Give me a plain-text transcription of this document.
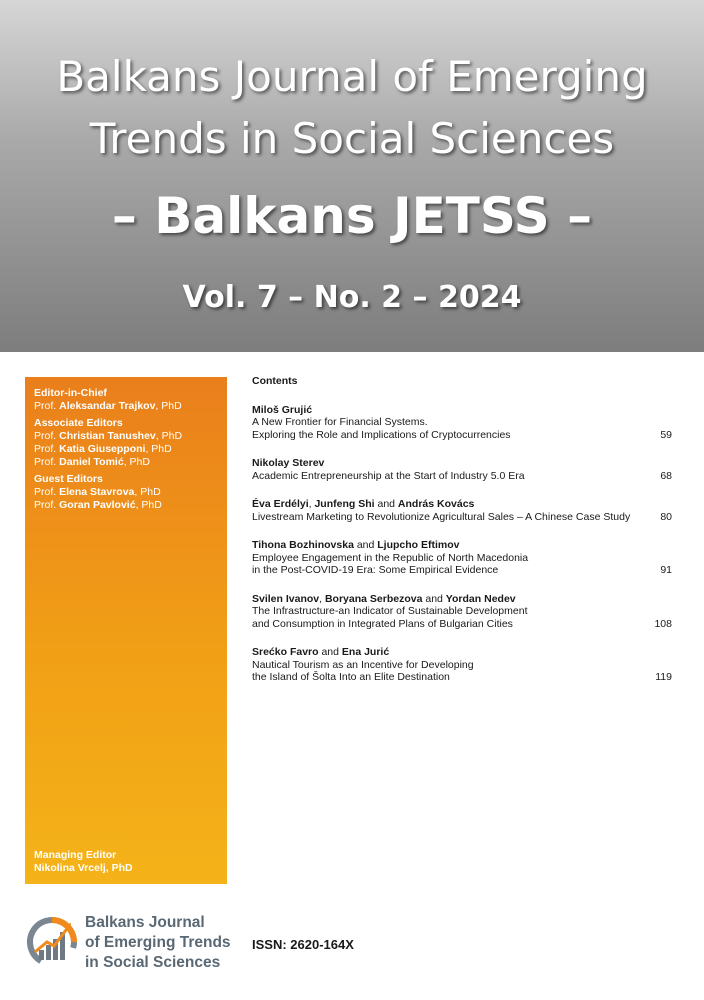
Balkans Journal of Emerging
Trends in Social Sciences
– Balkans JETSS –
Vol. 7 – No. 2 – 2024
Editor-in-Chief
Prof. Aleksandar Trajkov, PhD
Associate Editors
Prof. Christian Tanushev, PhD
Prof. Katia Giusepponi, PhD
Prof. Daniel Tomić, PhD
Guest Editors
Prof. Elena Stavrova, PhD
Prof. Goran Pavlović, PhD
Managing Editor
Nikolina Vrcelj, PhD
Contents
Miloš Grujić
A New Frontier for Financial Systems.
Exploring the Role and Implications of Cryptocurrencies	59
Nikolay Sterev
Academic Entrepreneurship at the Start of Industry 5.0 Era	68
Éva Erdélyi, Junfeng Shi and András Kovács
Livestream Marketing to Revolutionize Agricultural Sales – A Chinese Case Study	80
Tihona Bozhinovska and Ljupcho Eftimov
Employee Engagement in the Republic of North Macedonia
in the Post-COVID-19 Era: Some Empirical Evidence	91
Svilen Ivanov, Boryana Serbezova and Yordan Nedev
The Infrastructure-an Indicator of Sustainable Development
and Consumption in Integrated Plans of Bulgarian Cities	108
Srećko Favro and Ena Jurić
Nautical Tourism as an Incentive for Developing
the Island of Šolta Into an Elite Destination	119
Balkans Journal
of Emerging Trends
in Social Sciences
ISSN: 2620-164X
